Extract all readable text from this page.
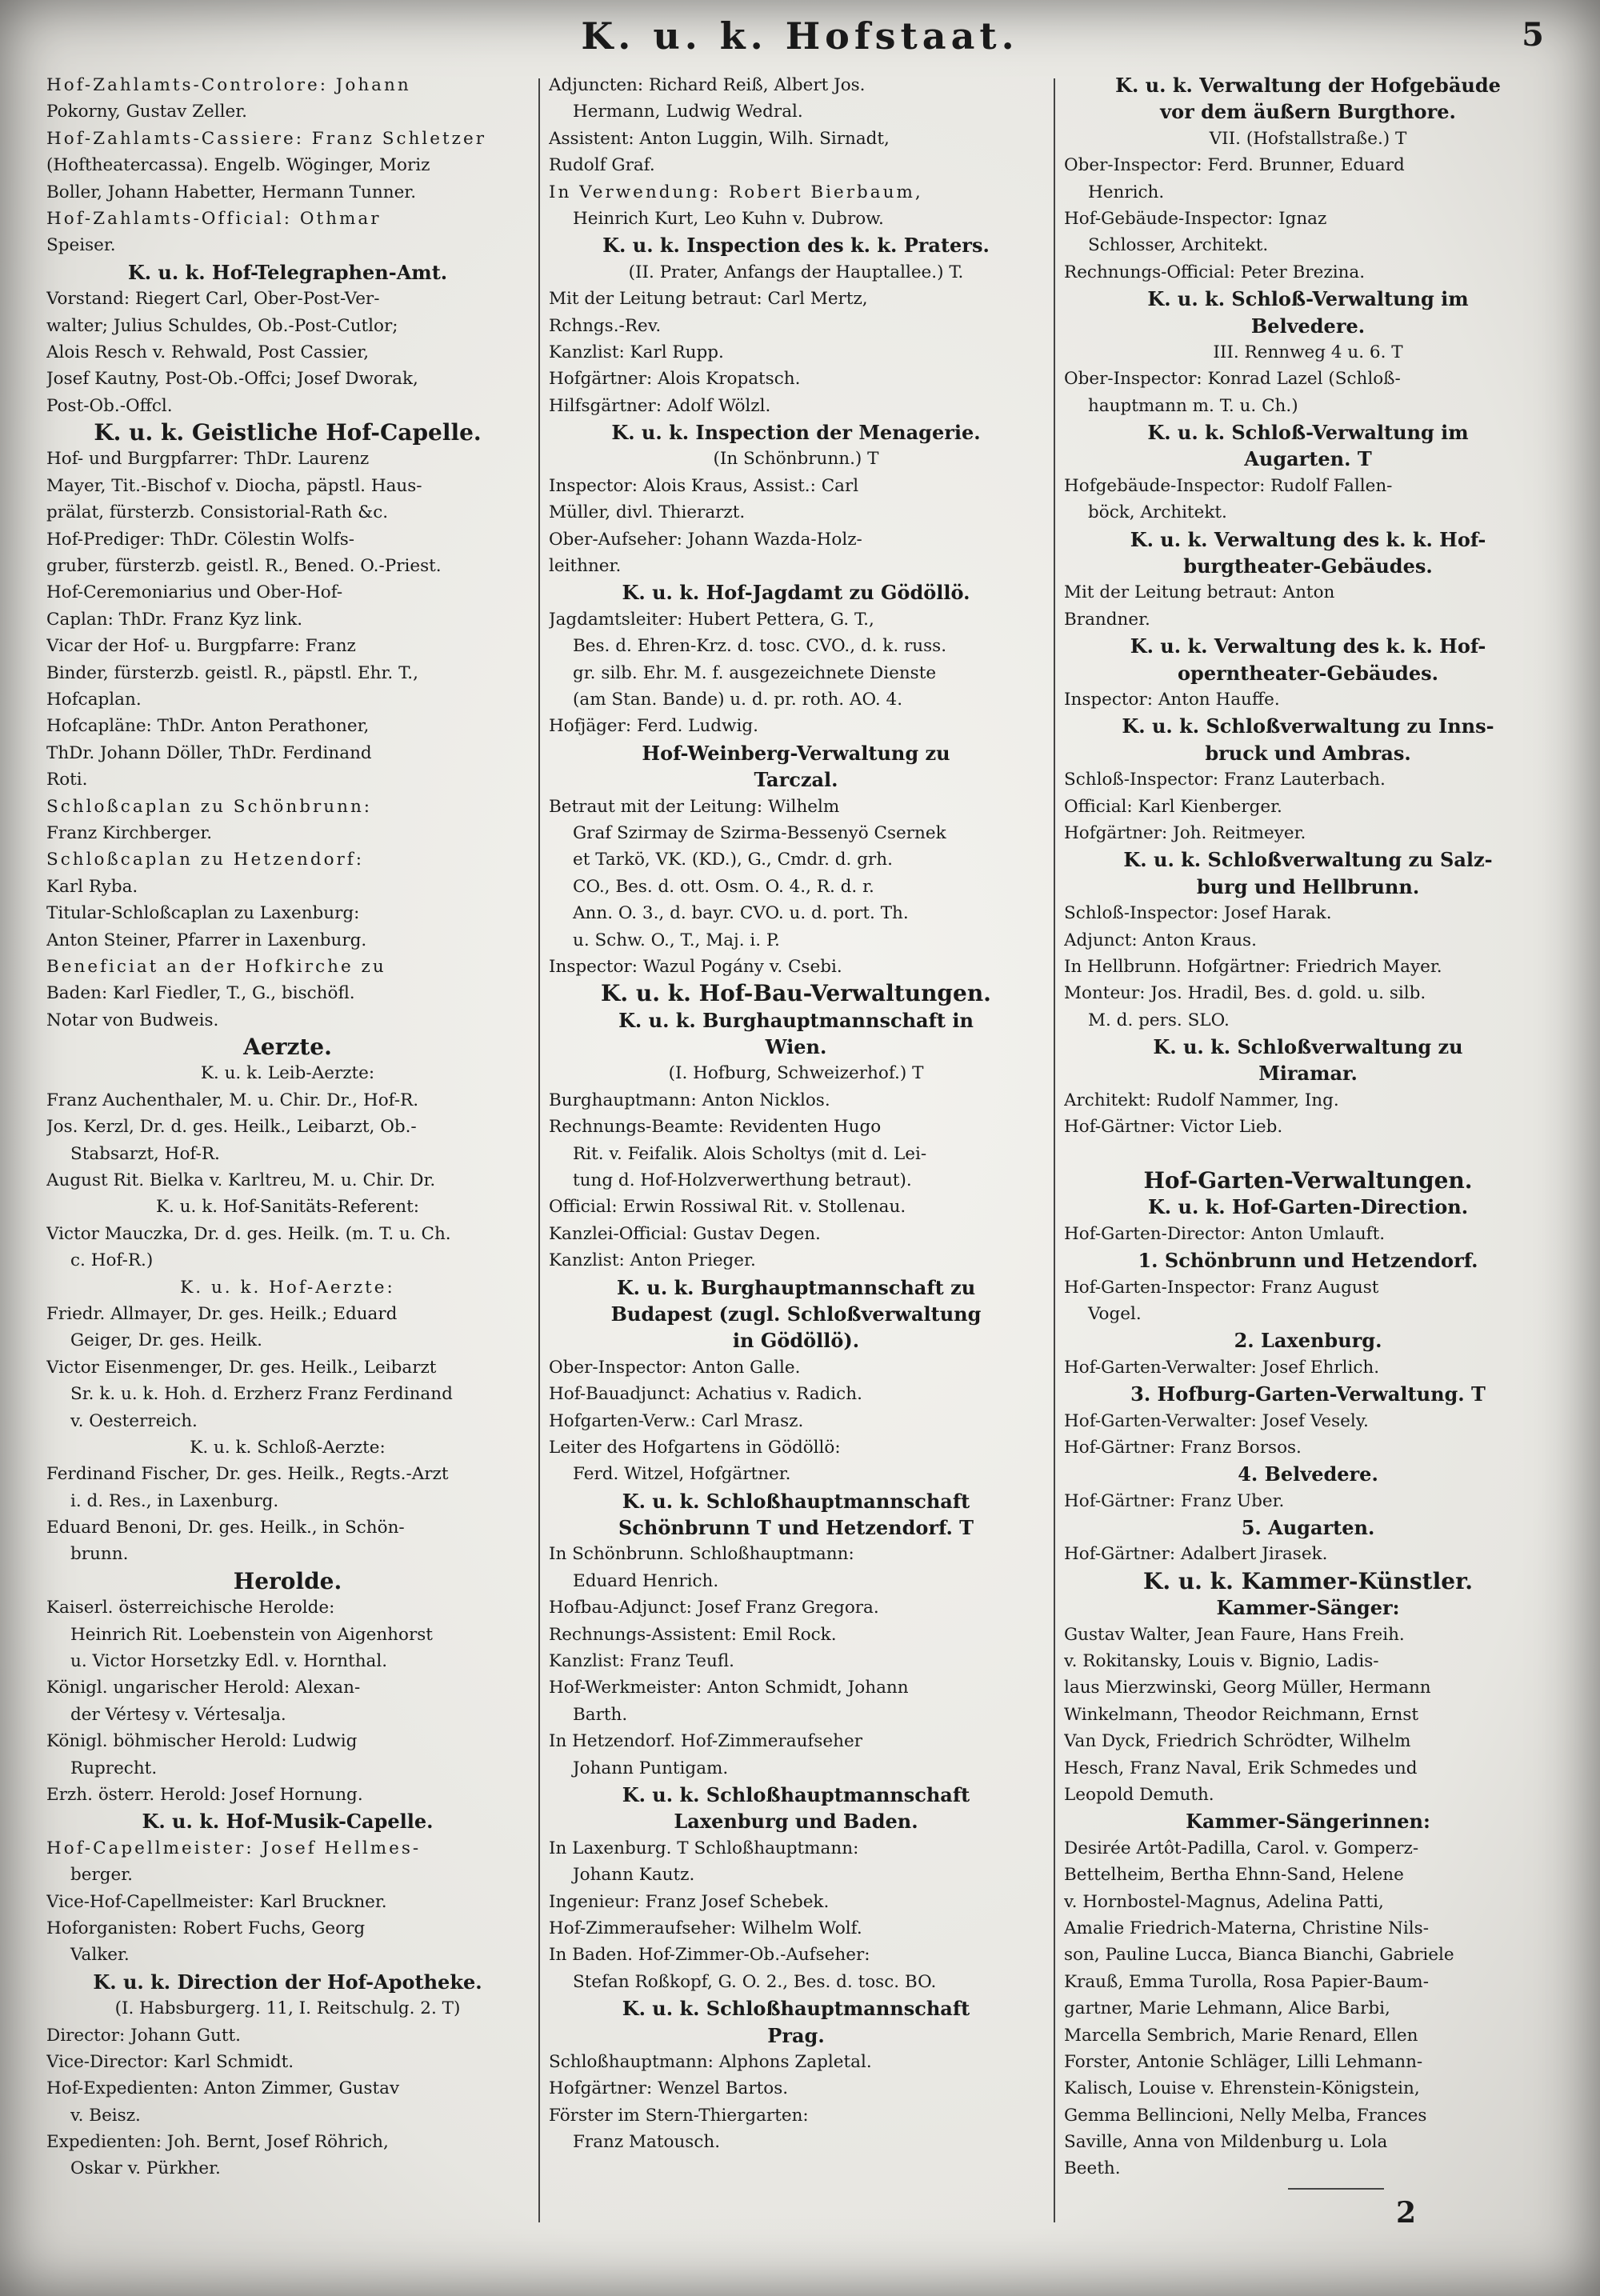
K. u. k. Hofstaat.	5
Hof-Zahlamts-Controlore: Johann
Pokorny, Gustav Zeller.
Hof-Zahlamts-Cassiere: Franz Schletzer
(Hoftheatercassa). Engelb. Wöginger, Moriz
Boller, Johann Habetter, Hermann Tunner.
Hof-Zahlamts-Official: Othmar
Speiser.
K. u. k. Hof-Telegraphen-Amt.
Vorstand: Riegert Carl, Ober-Post-Ver-
walter; Julius Schuldes, Ob.-Post-Cutlor;
Alois Resch v. Rehwald, Post Cassier,
Josef Kautny, Post-Ob.-Offci; Josef Dworak,
Post-Ob.-Offcl.
K. u. k. Geistliche Hof-Capelle.
Hof- und Burgpfarrer: ThDr. Laurenz
Mayer, Tit.-Bischof v. Diocha, päpstl. Haus-
prälat, fürsterzb. Consistorial-Rath &c.
Hof-Prediger: ThDr. Cölestin Wolfs-
gruber, fürsterzb. geistl. R., Bened. O.-Priest.
Hof-Ceremoniarius und Ober-Hof-
Caplan: ThDr. Franz Kyz link.
Vicar der Hof- u. Burgpfarre: Franz
Binder, fürsterzb. geistl. R., päpstl. Ehr. T.,
Hofcaplan.
Hofcapläne: ThDr. Anton Perathoner,
ThDr. Johann Döller, ThDr. Ferdinand
Roti.
Schloßcaplan zu Schönbrunn:
Franz Kirchberger.
Schloßcaplan zu Hetzendorf:
Karl Ryba.
Titular-Schloßcaplan zu Laxenburg:
Anton Steiner, Pfarrer in Laxenburg.
Beneficiat an der Hofkirche zu
Baden: Karl Fiedler, T., G., bischöfl.
Notar von Budweis.
Aerzte.
K. u. k. Leib-Aerzte:
Franz Auchenthaler, M. u. Chir. Dr., Hof-R.
Jos. Kerzl, Dr. d. ges. Heilk., Leibarzt, Ob.-
Stabsarzt, Hof-R.
August Rit. Bielka v. Karltreu, M. u. Chir. Dr.
K. u. k. Hof-Sanitäts-Referent:
Victor Mauczka, Dr. d. ges. Heilk. (m. T. u. Ch.
c. Hof-R.)
K. u. k. Hof-Aerzte:
Friedr. Allmayer, Dr. ges. Heilk.; Eduard
Geiger, Dr. ges. Heilk.
Victor Eisenmenger, Dr. ges. Heilk., Leibarzt
Sr. k. u. k. Hoh. d. Erzherz Franz Ferdinand
v. Oesterreich.
K. u. k. Schloß-Aerzte:
Ferdinand Fischer, Dr. ges. Heilk., Regts.-Arzt
i. d. Res., in Laxenburg.
Eduard Benoni, Dr. ges. Heilk., in Schön-
brunn.
Herolde.
Kaiserl. österreichische Herolde:
Heinrich Rit. Loebenstein von Aigenhorst
u. Victor Horsetzky Edl. v. Hornthal.
Königl. ungarischer Herold: Alexan-
der Vértesy v. Vértesalja.
Königl. böhmischer Herold: Ludwig
Ruprecht.
Erzh. österr. Herold: Josef Hornung.
K. u. k. Hof-Musik-Capelle.
Hof-Capellmeister: Josef Hellmes-
berger.
Vice-Hof-Capellmeister: Karl Bruckner.
Hoforganisten: Robert Fuchs, Georg
Valker.
K. u. k. Direction der Hof-Apotheke.
(I. Habsburgerg. 11, I. Reitschulg. 2. T)
Director: Johann Gutt.
Vice-Director: Karl Schmidt.
Hof-Expedienten: Anton Zimmer, Gustav
v. Beisz.
Expedienten: Joh. Bernt, Josef Röhrich,
Oskar v. Pürkher.
Adjuncten: Richard Reiß, Albert Jos.
Hermann, Ludwig Wedral.
Assistent: Anton Luggin, Wilh. Sirnadt,
Rudolf Graf.
In Verwendung: Robert Bierbaum,
Heinrich Kurt, Leo Kuhn v. Dubrow.
K. u. k. Inspection des k. k. Praters.
(II. Prater, Anfangs der Hauptallee.) T.
Mit der Leitung betraut: Carl Mertz,
Rchngs.-Rev.
Kanzlist: Karl Rupp.
Hofgärtner: Alois Kropatsch.
Hilfsgärtner: Adolf Wölzl.
K. u. k. Inspection der Menagerie.
(In Schönbrunn.) T
Inspector: Alois Kraus, Assist.: Carl
Müller, divl. Thierarzt.
Ober-Aufseher: Johann Wazda-Holz-
leithner.
K. u. k. Hof-Jagdamt zu Gödöllö.
Jagdamtsleiter: Hubert Pettera, G. T.,
Bes. d. Ehren-Krz. d. tosc. CVO., d. k. russ.
gr. silb. Ehr. M. f. ausgezeichnete Dienste
(am Stan. Bande) u. d. pr. roth. AO. 4.
Hofjäger: Ferd. Ludwig.
Hof-Weinberg-Verwaltung zu
Tarczal.
Betraut mit der Leitung: Wilhelm
Graf Szirmay de Szirma-Bessenyö Csernek
et Tarkö, VK. (KD.), G., Cmdr. d. grh.
CO., Bes. d. ott. Osm. O. 4., R. d. r.
Ann. O. 3., d. bayr. CVO. u. d. port. Th.
u. Schw. O., T., Maj. i. P.
Inspector: Wazul Pogány v. Csebi.
K. u. k. Hof-Bau-Verwaltungen.
K. u. k. Burghauptmannschaft in
Wien.
(I. Hofburg, Schweizerhof.) T
Burghauptmann: Anton Nicklos.
Rechnungs-Beamte: Revidenten Hugo
Rit. v. Feifalik. Alois Scholtys (mit d. Lei-
tung d. Hof-Holzverwerthung betraut).
Official: Erwin Rossiwal Rit. v. Stollenau.
Kanzlei-Official: Gustav Degen.
Kanzlist: Anton Prieger.
K. u. k. Burghauptmannschaft zu
Budapest (zugl. Schloßverwaltung
in Gödöllö).
Ober-Inspector: Anton Galle.
Hof-Bauadjunct: Achatius v. Radich.
Hofgarten-Verw.: Carl Mrasz.
Leiter des Hofgartens in Gödöllö:
Ferd. Witzel, Hofgärtner.
K. u. k. Schloßhauptmannschaft
Schönbrunn T und Hetzendorf. T
In Schönbrunn. Schloßhauptmann:
Eduard Henrich.
Hofbau-Adjunct: Josef Franz Gregora.
Rechnungs-Assistent: Emil Rock.
Kanzlist: Franz Teufl.
Hof-Werkmeister: Anton Schmidt, Johann
Barth.
In Hetzendorf. Hof-Zimmeraufseher
Johann Puntigam.
K. u. k. Schloßhauptmannschaft
Laxenburg und Baden.
In Laxenburg. T Schloßhauptmann:
Johann Kautz.
Ingenieur: Franz Josef Schebek.
Hof-Zimmeraufseher: Wilhelm Wolf.
In Baden. Hof-Zimmer-Ob.-Aufseher:
Stefan Roßkopf, G. O. 2., Bes. d. tosc. BO.
K. u. k. Schloßhauptmannschaft
Prag.
Schloßhauptmann: Alphons Zapletal.
Hofgärtner: Wenzel Bartos.
Förster im Stern-Thiergarten:
Franz Matousch.
K. u. k. Verwaltung der Hofgebäude
vor dem äußern Burgthore.
VII. (Hofstallstraße.) T
Ober-Inspector: Ferd. Brunner, Eduard
Henrich.
Hof-Gebäude-Inspector: Ignaz
Schlosser, Architekt.
Rechnungs-Official: Peter Brezina.
K. u. k. Schloß-Verwaltung im
Belvedere.
III. Rennweg 4 u. 6. T
Ober-Inspector: Konrad Lazel (Schloß-
hauptmann m. T. u. Ch.)
K. u. k. Schloß-Verwaltung im
Augarten. T
Hofgebäude-Inspector: Rudolf Fallen-
böck, Architekt.
K. u. k. Verwaltung des k. k. Hof-
burgtheater-Gebäudes.
Mit der Leitung betraut: Anton
Brandner.
K. u. k. Verwaltung des k. k. Hof-
operntheater-Gebäudes.
Inspector: Anton Hauffe.
K. u. k. Schloßverwaltung zu Inns-
bruck und Ambras.
Schloß-Inspector: Franz Lauterbach.
Official: Karl Kienberger.
Hofgärtner: Joh. Reitmeyer.
K. u. k. Schloßverwaltung zu Salz-
burg und Hellbrunn.
Schloß-Inspector: Josef Harak.
Adjunct: Anton Kraus.
In Hellbrunn. Hofgärtner: Friedrich Mayer.
Monteur: Jos. Hradil, Bes. d. gold. u. silb.
M. d. pers. SLO.
K. u. k. Schloßverwaltung zu
Miramar.
Architekt: Rudolf Nammer, Ing.
Hof-Gärtner: Victor Lieb.
Hof-Garten-Verwaltungen.
K. u. k. Hof-Garten-Direction.
Hof-Garten-Director: Anton Umlauft.
1. Schönbrunn und Hetzendorf.
Hof-Garten-Inspector: Franz August
Vogel.
2. Laxenburg.
Hof-Garten-Verwalter: Josef Ehrlich.
3. Hofburg-Garten-Verwaltung. T
Hof-Garten-Verwalter: Josef Vesely.
Hof-Gärtner: Franz Borsos.
4. Belvedere.
Hof-Gärtner: Franz Uber.
5. Augarten.
Hof-Gärtner: Adalbert Jirasek.
K. u. k. Kammer-Künstler.
Kammer-Sänger:
Gustav Walter, Jean Faure, Hans Freih.
v. Rokitansky, Louis v. Bignio, Ladis-
laus Mierzwinski, Georg Müller, Hermann
Winkelmann, Theodor Reichmann, Ernst
Van Dyck, Friedrich Schrödter, Wilhelm
Hesch, Franz Naval, Erik Schmedes und
Leopold Demuth.
Kammer-Sängerinnen:
Desirée Artôt-Padilla, Carol. v. Gomperz-
Bettelheim, Bertha Ehnn-Sand, Helene
v. Hornbostel-Magnus, Adelina Patti,
Amalie Friedrich-Materna, Christine Nils-
son, Pauline Lucca, Bianca Bianchi, Gabriele
Krauß, Emma Turolla, Rosa Papier-Baum-
gartner, Marie Lehmann, Alice Barbi,
Marcella Sembrich, Marie Renard, Ellen
Forster, Antonie Schläger, Lilli Lehmann-
Kalisch, Louise v. Ehrenstein-Königstein,
Gemma Bellincioni, Nelly Melba, Frances
Saville, Anna von Mildenburg u. Lola
Beeth.
2
